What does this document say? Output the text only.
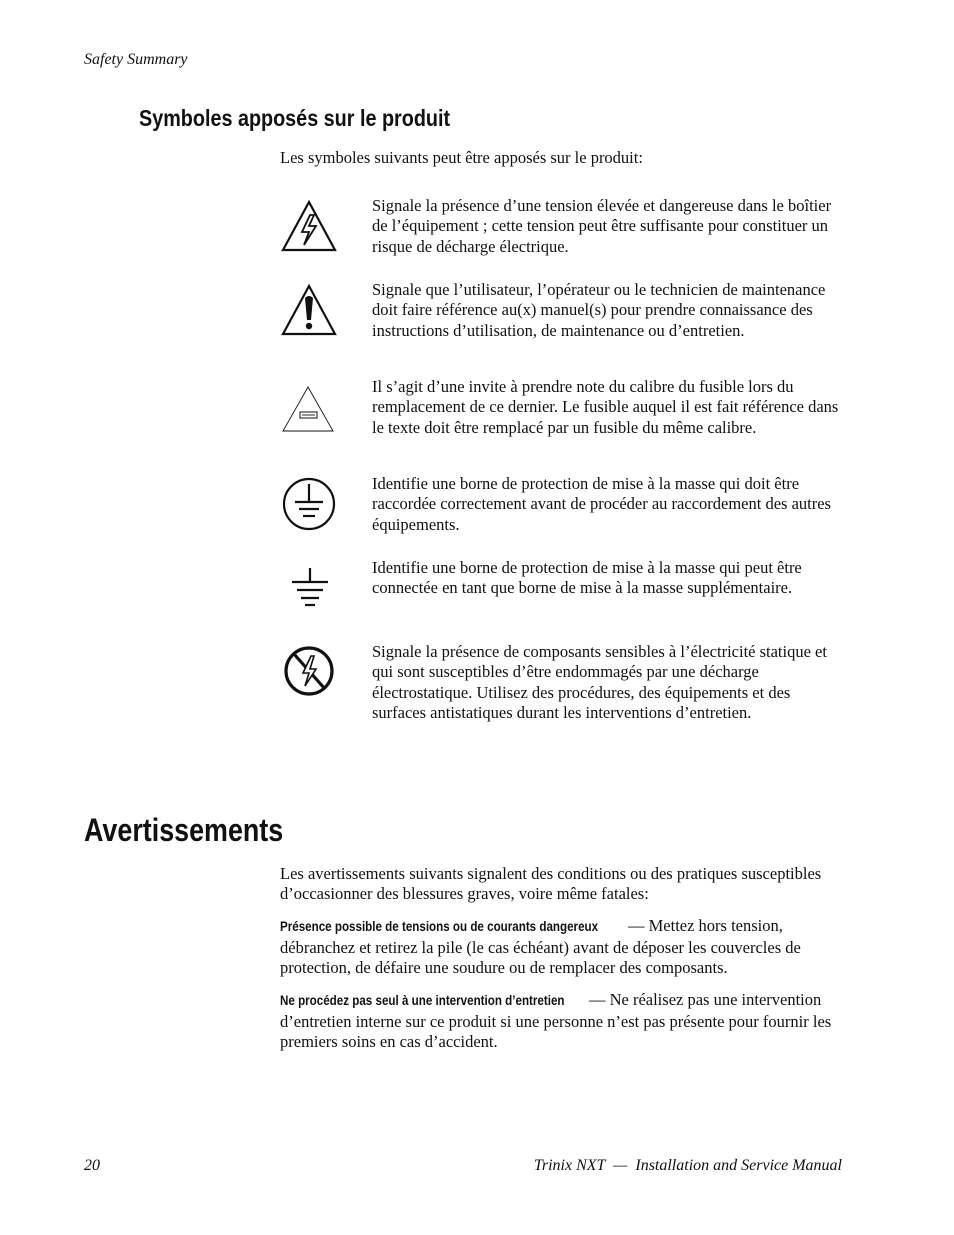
Safety Summary
Symboles apposés sur le produit
Les symboles suivants peut être apposés sur le produit:
Signale la présence d’une tension élevée et dangereuse dans le boîtier de l’équipement ; cette tension peut être suffisante pour constituer un risque de décharge électrique.
Signale que l’utilisateur, l’opérateur ou le technicien de maintenance doit faire référence au(x) manuel(s) pour prendre connaissance des instructions d’utilisation, de maintenance ou d’entretien.
Il s’agit d’une invite à prendre note du calibre du fusible lors du remplacement de ce dernier. Le fusible auquel il est fait référence dans le texte doit être remplacé par un fusible du même calibre.
Identifie une borne de protection de mise à la masse qui doit être raccordée correctement avant de procéder au raccordement des autres équipements.
Identifie une borne de protection de mise à la masse qui peut être connectée en tant que borne de mise à la masse supplémentaire.
Signale la présence de composants sensibles à l’électricité statique et qui sont susceptibles d’être endommagés par une décharge électrostatique. Utilisez des procédures, des équipements et des surfaces antistatiques durant les interventions d’entretien.
Avertissements
Les avertissements suivants signalent des conditions ou des pratiques susceptibles d’occasionner des blessures graves, voire même fatales:
Présence possible de tensions ou de courants dangereux — Mettez hors tension, débranchez et retirez la pile (le cas échéant) avant de déposer les couvercles de protection, de défaire une soudure ou de remplacer des composants.
Ne procédez pas seul à une intervention d’entretien — Ne réalisez pas une intervention d’entretien interne sur ce produit si une personne n’est pas présente pour fournir les premiers soins en cas d’accident.
20	Trinix NXT  —  Installation and Service Manual
